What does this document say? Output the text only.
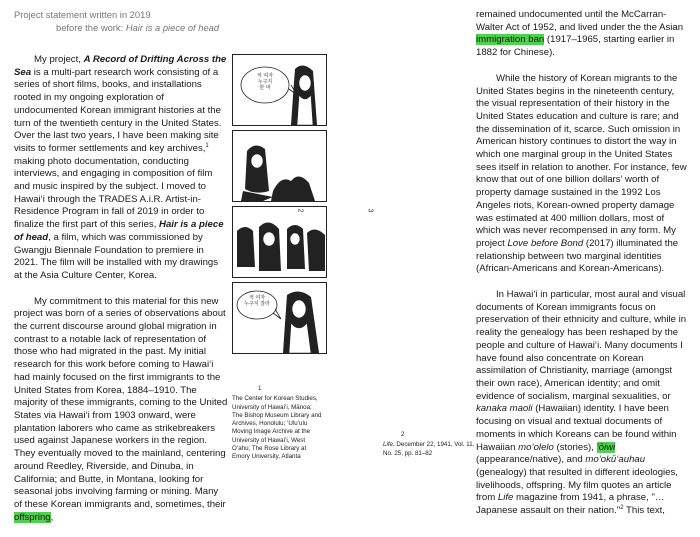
Project statement written in 2019
before the work: Hair is a piece of head

My project, A Record of Drifting Across the Sea is a multi-part research work consisting of a series of short films, books, and installations rooted in my ongoing exploration of undocumented Korean immigrant histories at the turn of the twentieth century in the United States. Over the last two years, I have been making site visits to former settlements and key archives,$^1$ making photo documentation, conducting interviews, and engaging in composition of film and music inspired by the subject. I moved to Hawaiʻi through the TRADES A.i.R. Artist-in-Residence Program in fall of 2019 in order to finalize the first part of this series, Hair is a piece of head, a film, which was commissioned by Gwangju Biennale Foundation to premiere in 2021. The film will be installed with my drawings at the Asia Culture Center, Korea.

My commitment to this material for this new project was born of a series of observations about the current discourse around global migration in contrast to a notable lack of representation of those who had migrated in the past. My initial research for this work before coming to Hawaiʻi had mainly focused on the first immigrants to the United States from Korea, 1884–1910. The majority of these immigrants, coming to the United States via Hawaiʻi from 1903 onward, were plantation laborers who came as strikebreakers used against Japanese workers in the region. They eventually moved to the mainland, centering around Reedley, Riverside, and Dinuba, in California; and Butte, in Montana, looking for seasonal jobs involving farming or mining. Many of these Korean immigrants and, sometimes, their offspring,

저 여자
누구지
한 머
저 여자
누구지 잘라
2	3
1
The Center for Korean Studies, University of Hawaiʻi, Mānoa; The Bishop Museum Library and Archives, Honolulu; ʻUluʻulu Moving Image Archive at the University of Hawaiʻi, West Oʻahu; The Rose Library at Emory University, Atlanta
2
Life, December 22, 1941, Vol. 11, No. 25, pp. 81–82

remained undocumented until the McCarran-Walter Act of 1952, and lived under the the Asian immigration ban (1917–1965, starting earlier in 1882 for Chinese).

While the history of Korean migrants to the United States begins in the nineteenth century, the visual representation of their history in the United States education and culture is rare; and the dissemination of it, scarce. Such omission in American history continues to distort the way in which one marginal group in the United States sees itself in relation to another. For instance, few know that out of one billion dollars' worth of property damage sustained in the 1992 Los Angeles riots, Korean-owned property damage was estimated at 400 million dollars, most of which was never recompensed in any form. My project Love before Bond (2017) illuminated the relationship between two marginal identities (African-Americans and Korean-Americans).

In Hawaiʻi in particular, most aural and visual documents of Korean immigrants focus on preservation of their ethnicity and culture, while in reality the genealogy has been reshaped by the people and culture of Hawaiʻi. Many documents I have found also concentrate on Korean assimilation of Christianity, marriage (amongst their own race), American identity; and omit evidence of socialism, marginal sexualities, or kanaka maoli (Hawaiian) identity. I have been focusing on visual and textual documents of moments in which Koreans can be found within Hawaiian moʻolelo (stories), ʻōiwi (appearance/native), and moʻokūʻauhau (genealogy) that resulted in different ideologies, livelihoods, offspring. My film quotes an article from Life magazine from 1941, a phrase, "… Japanese assault on their nation."$^2$ This text,
